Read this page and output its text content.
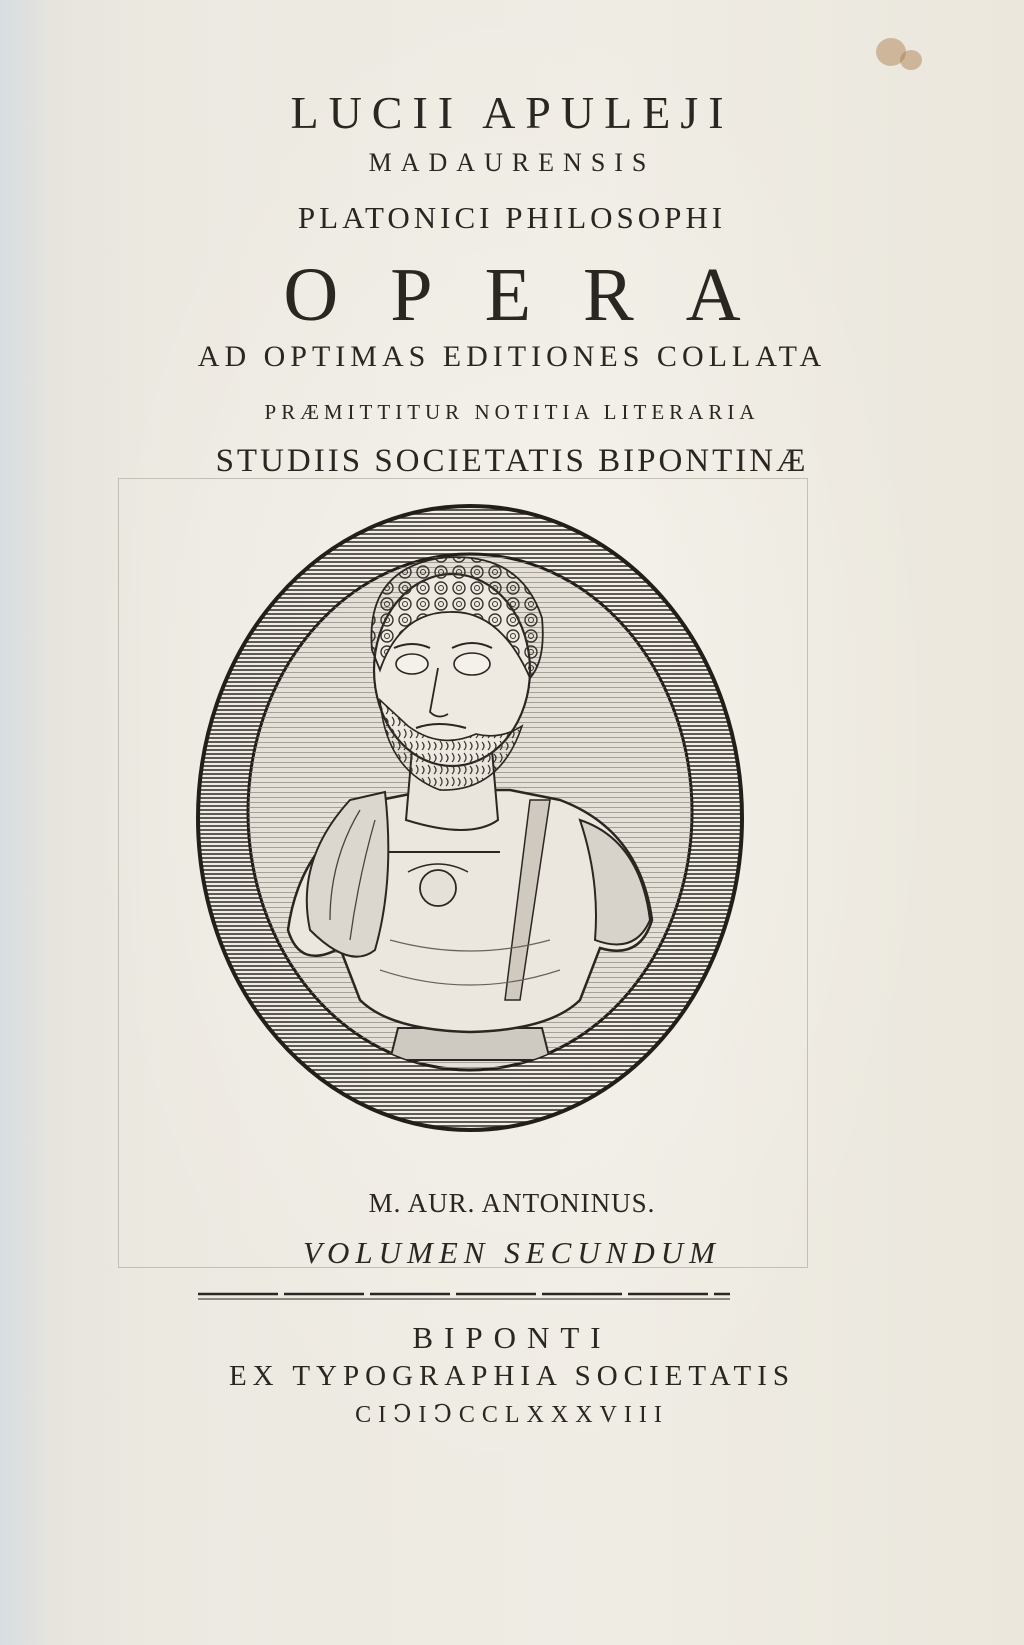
LUCII APULEJI
MADAURENSIS
PLATONICI PHILOSOPHI
OPERA
AD OPTIMAS EDITIONES COLLATA
PRÆMITTITUR NOTITIA LITERARIA
STUDIIS SOCIETATIS BIPONTINÆ
M. AUR. ANTONINUS.
VOLUMEN SECUNDUM
BIPONTI
EX TYPOGRAPHIA SOCIETATIS
CIↃIↃCCLXXXVIII
